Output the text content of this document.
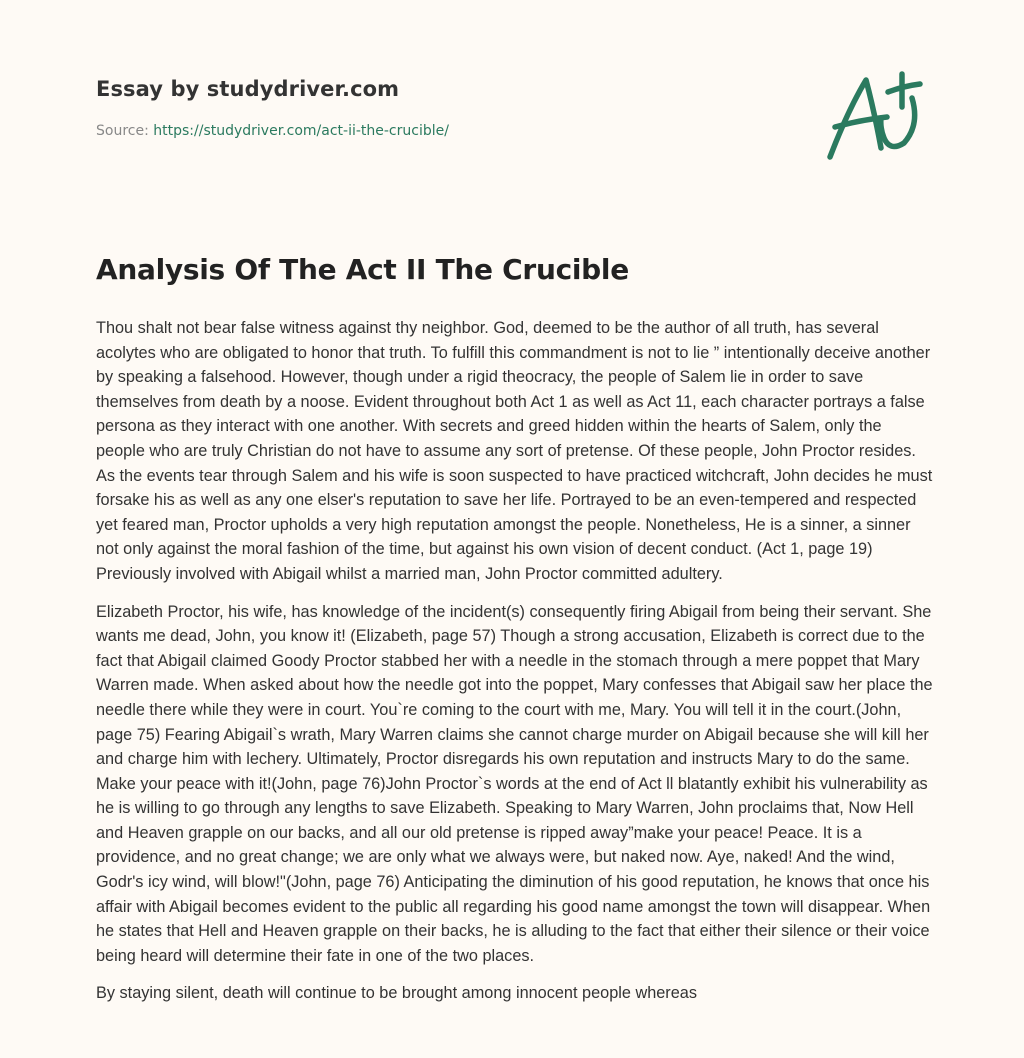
Essay by studydriver.com
Source: https://studydriver.com/act-ii-the-crucible/
Analysis Of The Act II The Crucible

Thou shalt not bear false witness against thy neighbor. God, deemed to be the author of all truth, has several acolytes who are obligated to honor that truth. To fulfill this commandment is not to lie ” intentionally deceive another by speaking a falsehood. However, though under a rigid theocracy, the people of Salem lie in order to save themselves from death by a noose. Evident throughout both Act 1 as well as Act 11, each character portrays a false persona as they interact with one another. With secrets and greed hidden within the hearts of Salem, only the people who are truly Christian do not have to assume any sort of pretense. Of these people, John Proctor resides. As the events tear through Salem and his wife is soon suspected to have practiced witchcraft, John decides he must forsake his as well as any one elser's reputation to save her life. Portrayed to be an even-tempered and respected yet feared man, Proctor upholds a very high reputation amongst the people. Nonetheless, He is a sinner, a sinner not only against the moral fashion of the time, but against his own vision of decent conduct. (Act 1, page 19) Previously involved with Abigail whilst a married man, John Proctor committed adultery.

Elizabeth Proctor, his wife, has knowledge of the incident(s) consequently firing Abigail from being their servant. She wants me dead, John, you know it! (Elizabeth, page 57) Though a strong accusation, Elizabeth is correct due to the fact that Abigail claimed Goody Proctor stabbed her with a needle in the stomach through a mere poppet that Mary Warren made. When asked about how the needle got into the poppet, Mary confesses that Abigail saw her place the needle there while they were in court. You`re coming to the court with me, Mary. You will tell it in the court.(John, page 75) Fearing Abigail`s wrath, Mary Warren claims she cannot charge murder on Abigail because she will kill her and charge him with lechery. Ultimately, Proctor disregards his own reputation and instructs Mary to do the same. Make your peace with it!(John, page 76)John Proctor`s words at the end of Act ll blatantly exhibit his vulnerability as he is willing to go through any lengths to save Elizabeth. Speaking to Mary Warren, John proclaims that, Now Hell and Heaven grapple on our backs, and all our old pretense is ripped away”make your peace! Peace. It is a providence, and no great change; we are only what we always were, but naked now. Aye, naked! And the wind, Godr's icy wind, will blow!"(John, page 76) Anticipating the diminution of his good reputation, he knows that once his affair with Abigail becomes evident to the public all regarding his good name amongst the town will disappear. When he states that Hell and Heaven grapple on their backs, he is alluding to the fact that either their silence or their voice being heard will determine their fate in one of the two places.

By staying silent, death will continue to be brought among innocent people whereas
